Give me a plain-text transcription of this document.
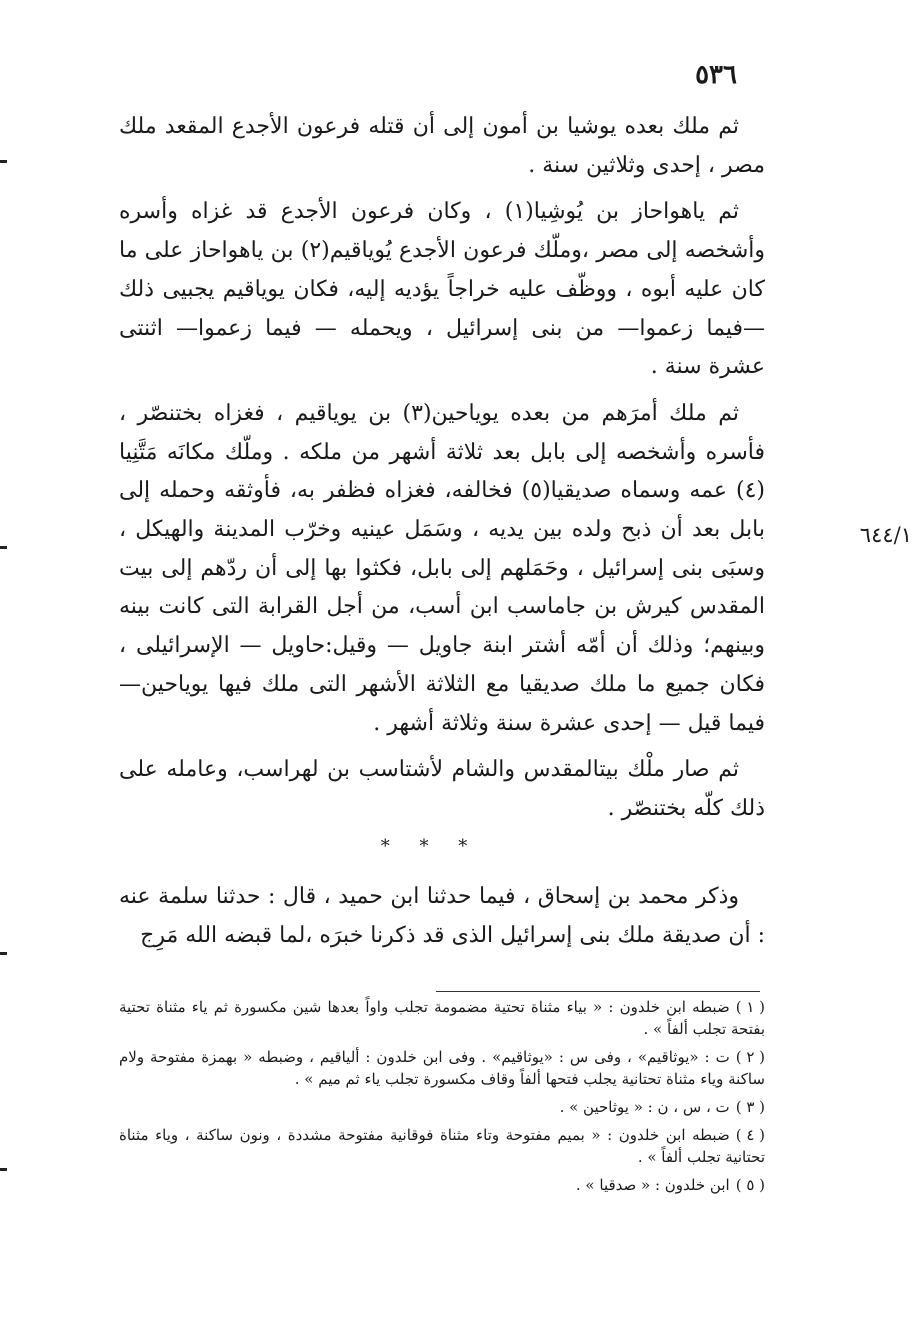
٥٣٦
٦٤٤/١

ثم ملك بعده يوشيا بن أمون إلى أن قتله فرعون الأجدع المقعد ملك مصر ، إحدى وثلاثين سنة .

ثم ياهواحاز بن يُوشِيا(١) ، وكان فرعون الأجدع قد غزاه وأسره وأشخصه إلى مصر ،وملّك فرعون الأجدع يُوياقيم(٢) بن ياهواحاز على ما كان عليه أبوه ، ووظّف عليه خراجاً يؤديه إليه، فكان يوياقيم يجبيى ذلك—فيما زعموا— من بنى إسرائيل ، ويحمله — فيما زعموا— اثنتى عشرة سنة .

ثم ملك أمرَهم من بعده يوياحين(٣) بن يوياقيم ، فغزاه بختنصّر ، فأسره وأشخصه إلى بابل بعد ثلاثة أشهر من ملكه . وملّك مكانَه مَتَّنِيا (٤) عمه وسماه صديقيا(٥) فخالفه، فغزاه فظفر به، فأوثقه وحمله إلى بابل بعد أن ذبح ولده بين يديه ، وسَمَل عينيه وخرّب المدينة والهيكل ، وسبَى بنى إسرائيل ، وحَمَلهم إلى بابل، فكثوا بها إلى أن ردّهم إلى بيت المقدس كيرش بن جاماسب ابن أسب، من أجل القرابة التى كانت بينه وبينهم؛ وذلك أن أمّه أشتر ابنة جاويل — وقيل:حاويل — الإسرائيلى ، فكان جميع ما ملك صديقيا مع الثلاثة الأشهر التى ملك فيها يوياحين—فيما قيل — إحدى عشرة سنة وثلاثة أشهر .

ثم صار ملْك بيتالمقدس والشام لأشتاسب بن لهراسب، وعامله على ذلك كلّه بختنصّر .

* * *

وذكر محمد بن إسحاق ، فيما حدثنا ابن حميد ، قال : حدثنا سلمة عنه : أن صديقة ملك بنى إسرائيل الذى قد ذكرنا خبرَه ،لما قبضه الله مَرِج

( ١ )ضبطه ابن خلدون : « بياء مثناة تحتية مضمومة تجلب واواً بعدها شين مكسورة ثم ياء مثناة تحتية بفتحة تجلب ألفاً » .

( ٢ )ت : «يوثاقيم» ، وفى س : «يوثاقيم» . وفى ابن خلدون : ألياقيم ، وضبطه « بهمزة مفتوحة ولام ساكنة وياء مثناة تحتانية يجلب فتحها ألفاً وقاف مكسورة تجلب ياء ثم ميم » .

( ٣ )ت ، س ، ن : « يوثاحين » .

( ٤ )ضبطه ابن خلدون : « بميم مفتوحة وتاء مثناة فوقانية مفتوحة مشددة ، ونون ساكنة ، وياء مثناة تحتانية تجلب ألفاً » .

( ٥ )ابن خلدون : « صدقيا » .
